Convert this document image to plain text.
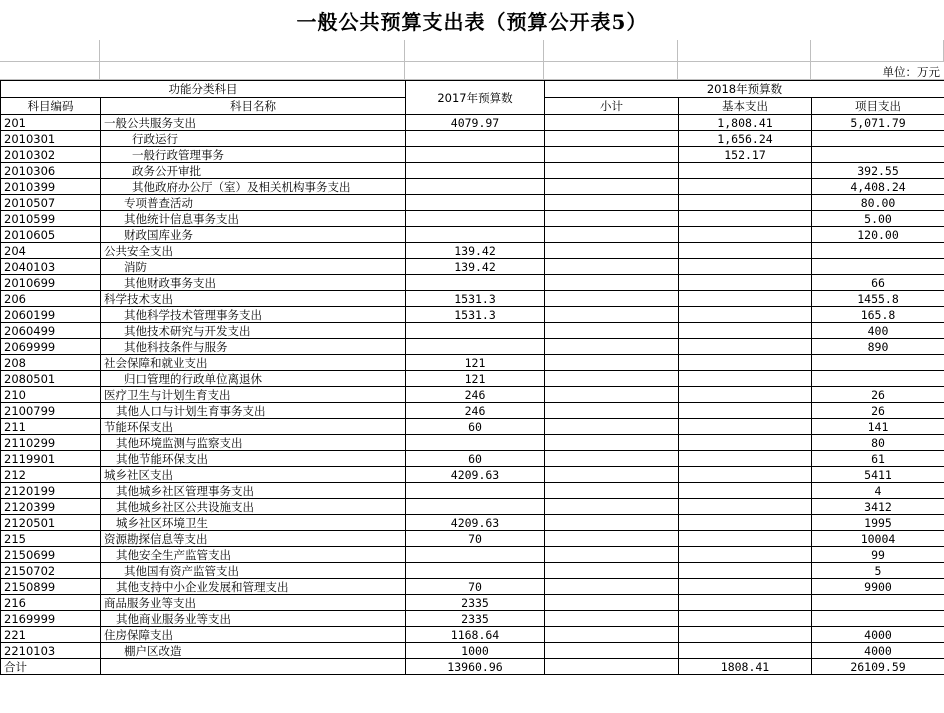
一般公共预算支出表（预算公开表5）
单位：万元
功能分类科目		2017年预算数	2018年预算数		
科目编码	科目名称		小计	基本支出	项目支出
201	一般公共服务支出	4079.97		1,808.41	5,071.79
2010301	行政运行			1,656.24	
2010302	一般行政管理事务			152.17	
2010306	政务公开审批				392.55
2010399	其他政府办公厅（室）及相关机构事务支出				4,408.24
2010507	专项普查活动				80.00
2010599	其他统计信息事务支出				5.00
2010605	财政国库业务				120.00
204	公共安全支出	139.42			
2040103	消防	139.42			
2010699	其他财政事务支出				66
206	科学技术支出	1531.3			1455.8
2060199	其他科学技术管理事务支出	1531.3			165.8
2060499	其他技术研究与开发支出				400
2069999	其他科技条件与服务				890
208	社会保障和就业支出	121			
2080501	归口管理的行政单位离退休	121			
210	医疗卫生与计划生育支出	246			26
2100799	其他人口与计划生育事务支出	246			26
211	节能环保支出	60			141
2110299	其他环境监测与监察支出				80
2119901	其他节能环保支出	60			61
212	城乡社区支出	4209.63			5411
2120199	其他城乡社区管理事务支出				4
2120399	其他城乡社区公共设施支出				3412
2120501	城乡社区环境卫生	4209.63			1995
215	资源勘探信息等支出	70			10004
2150699	其他安全生产监管支出				99
2150702	其他国有资产监管支出				5
2150899	其他支持中小企业发展和管理支出	70			9900
216	商品服务业等支出	2335			
2169999	其他商业服务业等支出	2335			
221	住房保障支出	1168.64			4000
2210103	棚户区改造	1000			4000
合计		13960.96		1808.41	26109.59
